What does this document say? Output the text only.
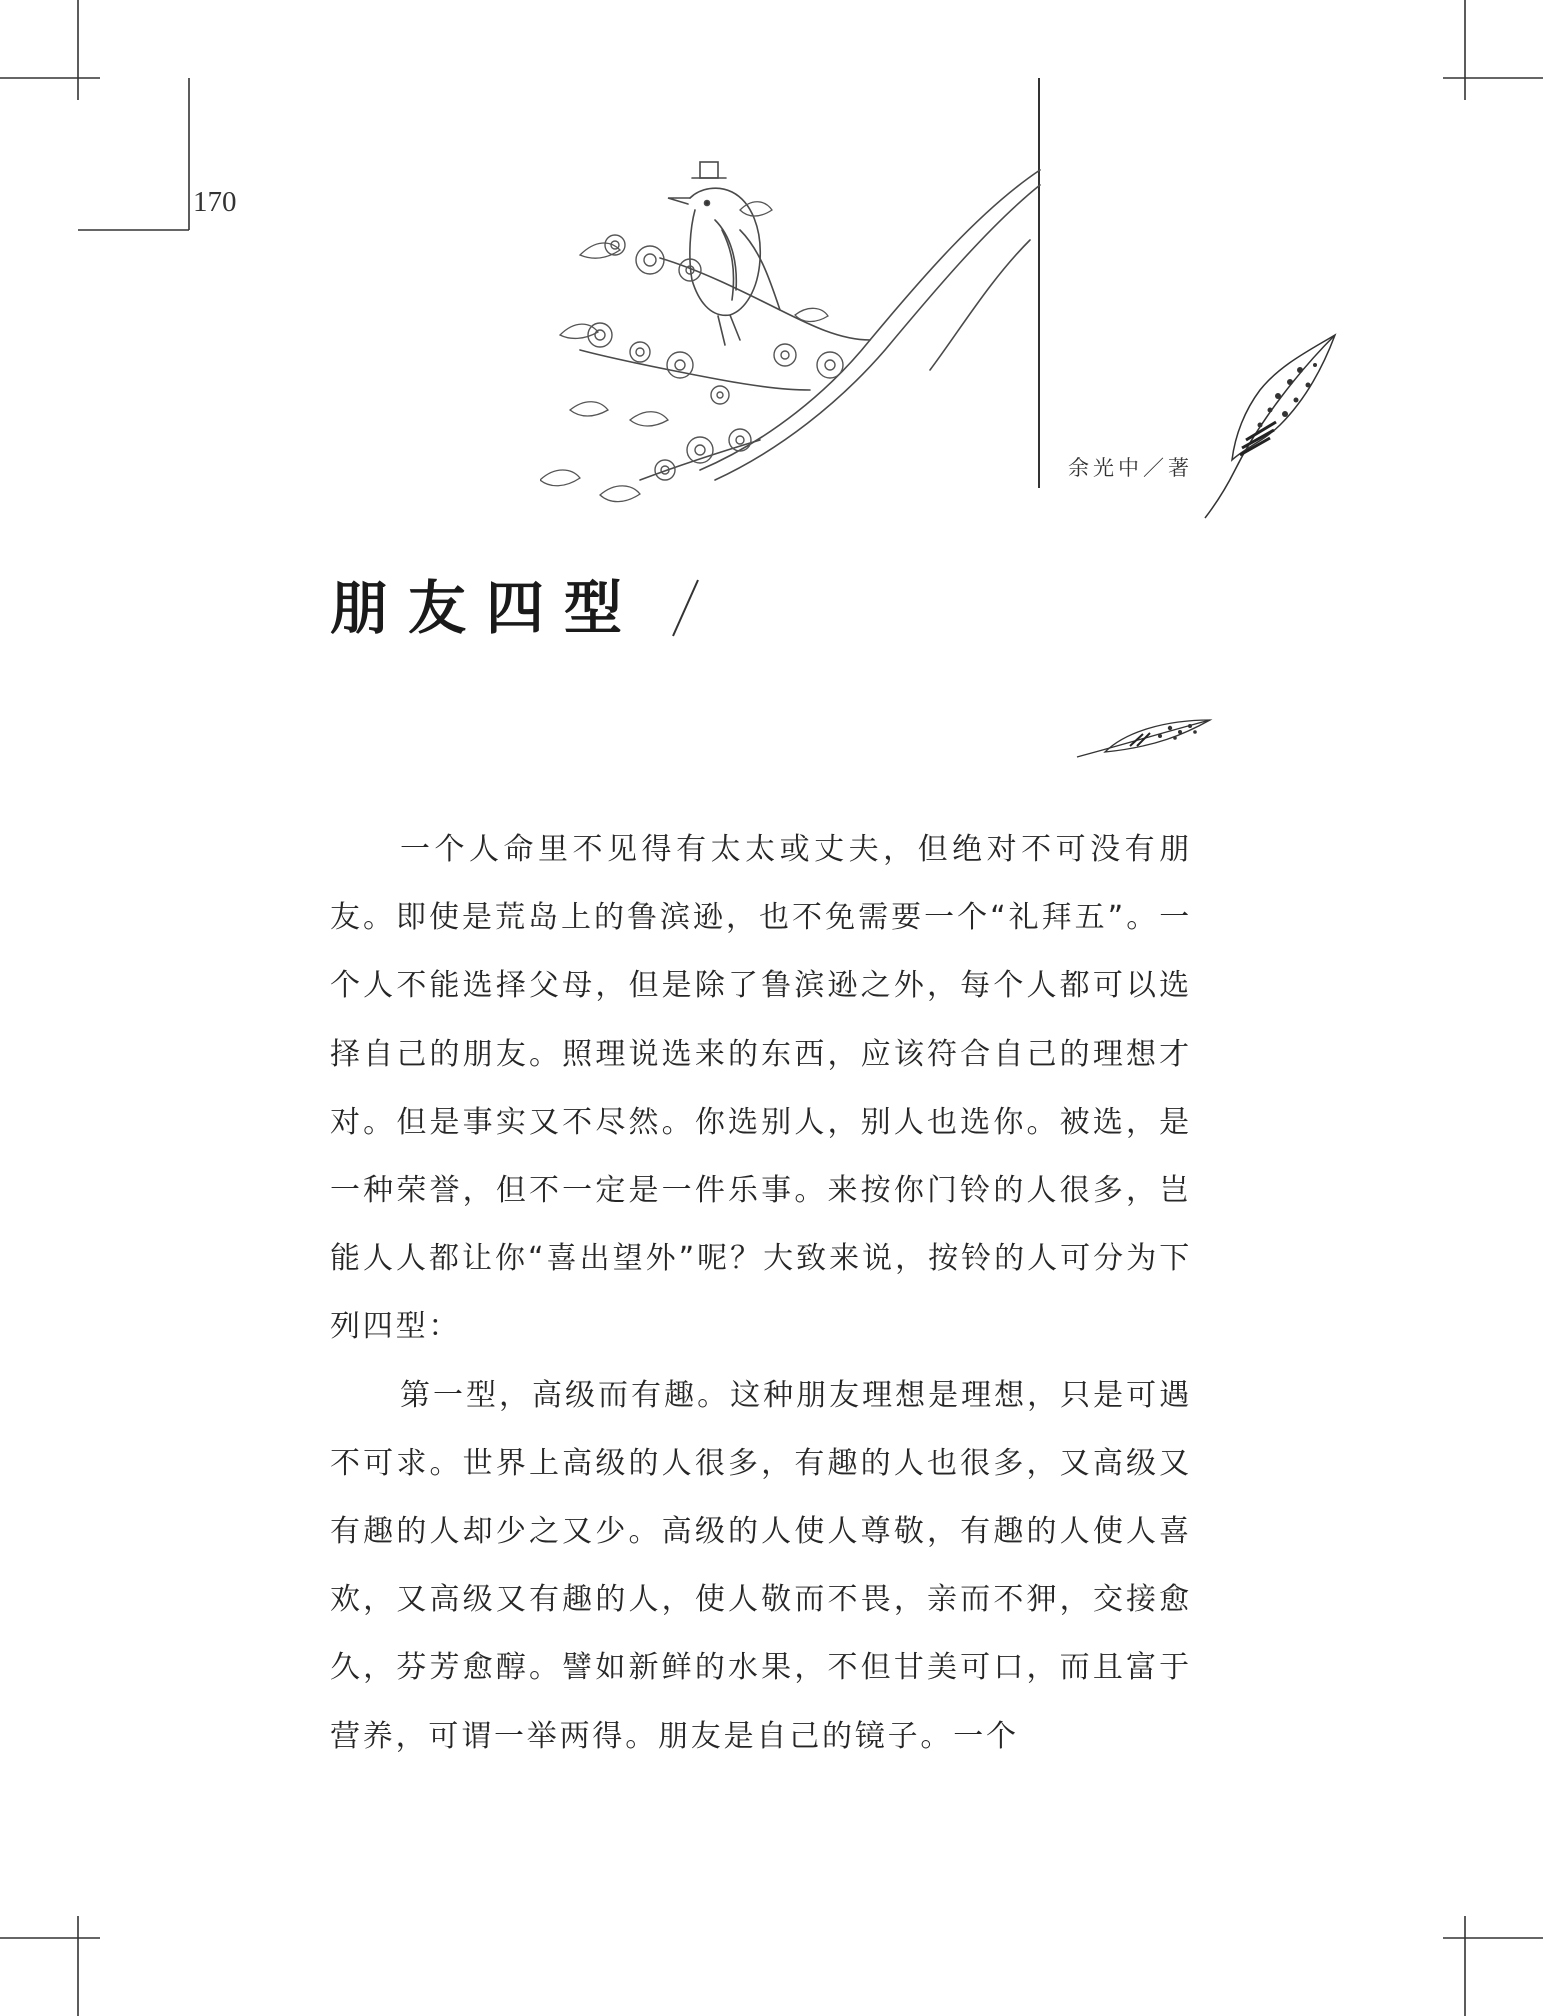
170
余光中／著
朋友四型

一个人命里不见得有太太或丈夫，但绝对不可没有朋友。即使是荒岛上的鲁滨逊，也不免需要一个“礼拜五”。一个人不能选择父母，但是除了鲁滨逊之外，每个人都可以选择自己的朋友。照理说选来的东西，应该符合自己的理想才对。但是事实又不尽然。你选别人，别人也选你。被选，是一种荣誉，但不一定是一件乐事。来按你门铃的人很多，岂能人人都让你“喜出望外”呢？大致来说，按铃的人可分为下列四型：

第一型，高级而有趣。这种朋友理想是理想，只是可遇不可求。世界上高级的人很多，有趣的人也很多，又高级又有趣的人却少之又少。高级的人使人尊敬，有趣的人使人喜欢，又高级又有趣的人，使人敬而不畏，亲而不狎，交接愈久，芬芳愈醇。譬如新鲜的水果，不但甘美可口，而且富于营养，可谓一举两得。朋友是自己的镜子。一个
